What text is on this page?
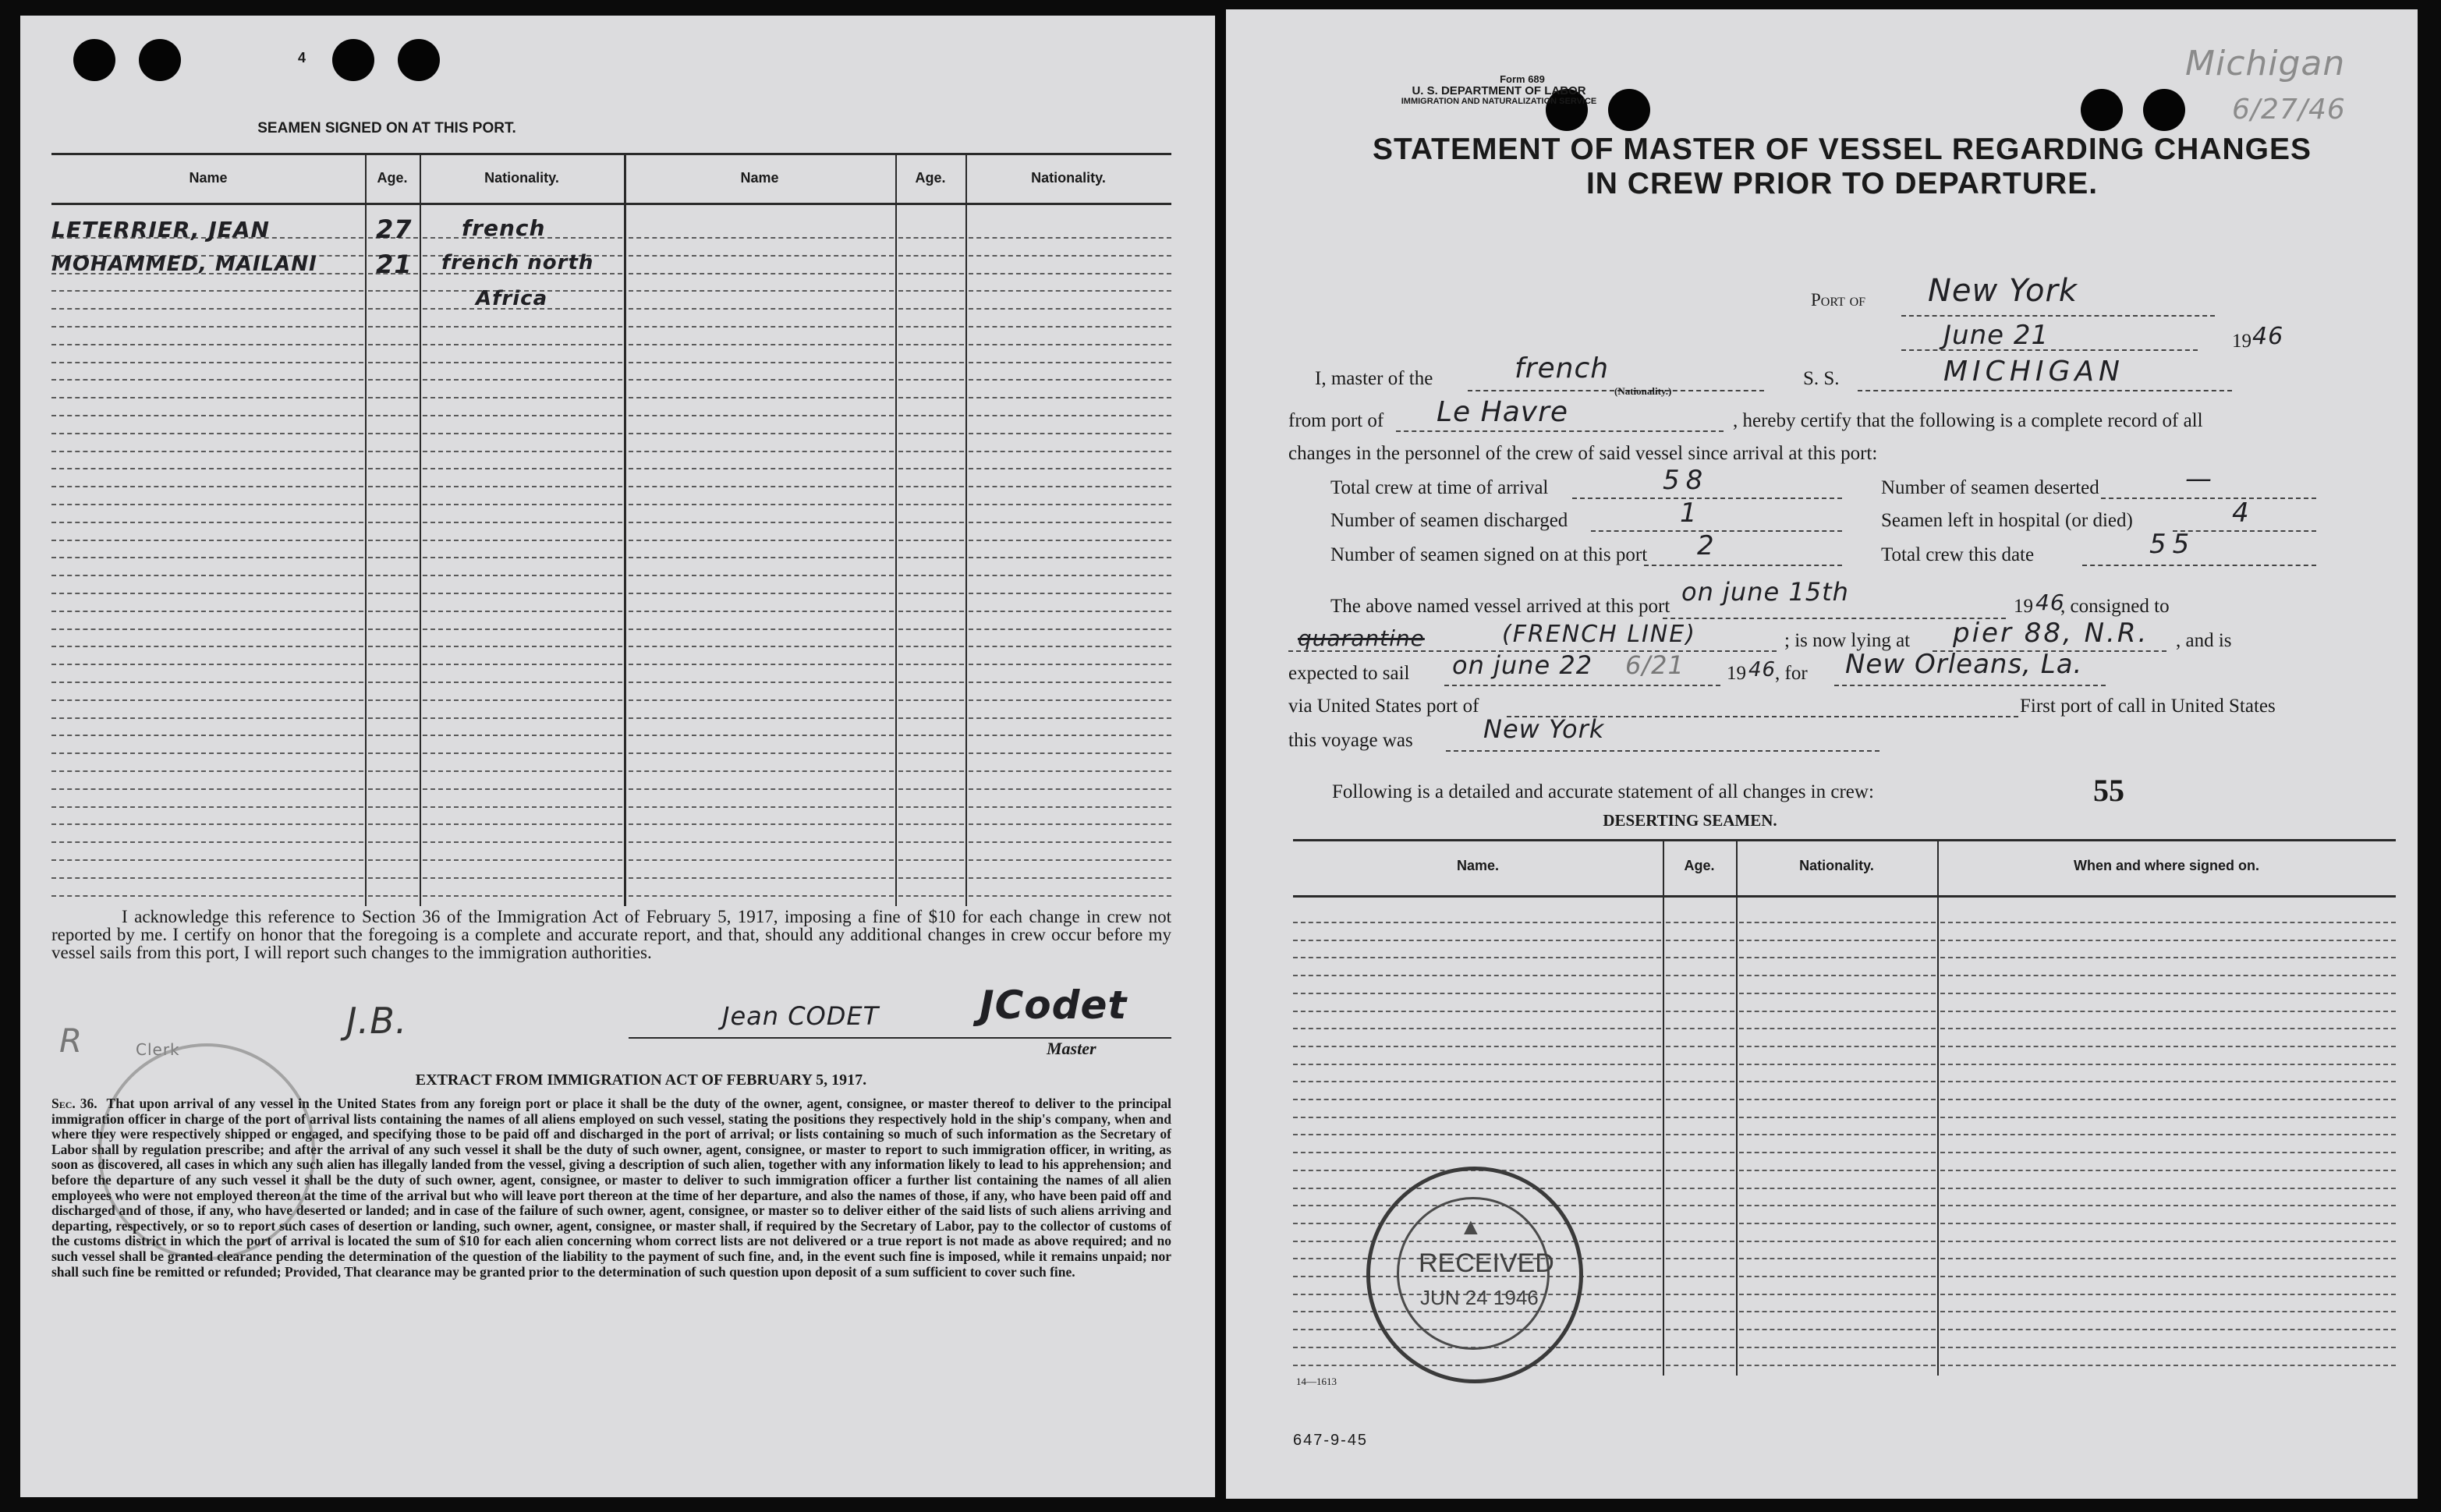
4
SEAMEN SIGNED ON AT THIS PORT.
Name	Age.	Nationality.	Name	Age.	Nationality.
LETERRIER, JEAN	27 french
MOHAMMED, MAILANI 21 french north
Africa
I acknowledge this reference to Section 36 of the Immigration Act of February 5, 1917, imposing a fine of $10 for each change in crew not reported by me. I certify on honor that the foregoing is a complete and accurate report, and that, should any additional changes in crew occur before my vessel sails from this port, I will report such changes to the immigration authorities.
J.B.
Clerk
R
Jean CODET	JCodet
Master
EXTRACT FROM IMMIGRATION ACT OF FEBRUARY 5, 1917.
Sec. 36. That upon arrival of any vessel in the United States from any foreign port or place it shall be the duty of the owner, agent, consignee, or master thereof to deliver to the principal immigration officer in charge of the port of arrival lists containing the names of all aliens employed on such vessel, stating the positions they respectively hold in the ship's company, when and where they were respectively shipped or engaged, and specifying those to be paid off and discharged in the port of arrival; or lists containing so much of such information as the Secretary of Labor shall by regulation prescribe; and after the arrival of any such vessel it shall be the duty of such owner, agent, consignee, or master to report to such immigration officer, in writing, as soon as discovered, all cases in which any such alien has illegally landed from the vessel, giving a description of such alien, together with any information likely to lead to his apprehension; and before the departure of any such vessel it shall be the duty of such owner, agent, consignee, or master to deliver to such immigration officer a further list containing the names of all alien employees who were not employed thereon at the time of the arrival but who will leave port thereon at the time of her departure, and also the names of those, if any, who have been paid off and discharged and of those, if any, who have deserted or landed; and in case of the failure of such owner, agent, consignee, or master so to deliver either of the said lists of such aliens arriving and departing, respectively, or so to report such cases of desertion or landing, such owner, agent, consignee, or master shall, if required by the Secretary of Labor, pay to the collector of customs of the customs district in which the port of arrival is located the sum of $10 for each alien concerning whom correct lists are not delivered or a true report is not made as above required; and no such vessel shall be granted clearance pending the determination of the question of the liability to the payment of such fine, and, in the event such fine is imposed, while it remains unpaid; nor shall such fine be remitted or refunded; Provided, That clearance may be granted prior to the determination of such question upon deposit of a sum sufficient to cover such fine.
Form 689
U. S. DEPARTMENT OF LABOR
IMMIGRATION AND NATURALIZATION SERVICE
Michigan
6/27/46
STATEMENT OF MASTER OF VESSEL REGARDING CHANGES
IN CREW PRIOR TO DEPARTURE.
Port of New York
June 21	19 46
I, master of the	french
(Nationality.)
S. S.	MICHIGAN
from port of Le Havre	, hereby certify that the following is a complete record of all
changes in the personnel of the crew of said vessel since arrival at this port:
Total crew at time of arrival	58	Number of seamen deserted	—
Number of seamen discharged	1	Seamen left in hospital (or died)	4
Number of seamen signed on at this port 2	Total crew this date	55
The above named vessel arrived at this port on june 15th	19 46
, consigned to
quarantine	(FRENCH LINE)	; is now lying at pier 88, N.R. , and is
expected to sail on june 22 6/21 19 46
, for New Orleans, La.
via United States port of	First port of call in United States
this voyage was	New York
Following is a detailed and accurate statement of all changes in crew:	55
DESERTING SEAMEN.
Name.	Age.	Nationality.	When and where signed on.
▲
RECEIVED
JUN 24 1946
14—1613
647-9-45
